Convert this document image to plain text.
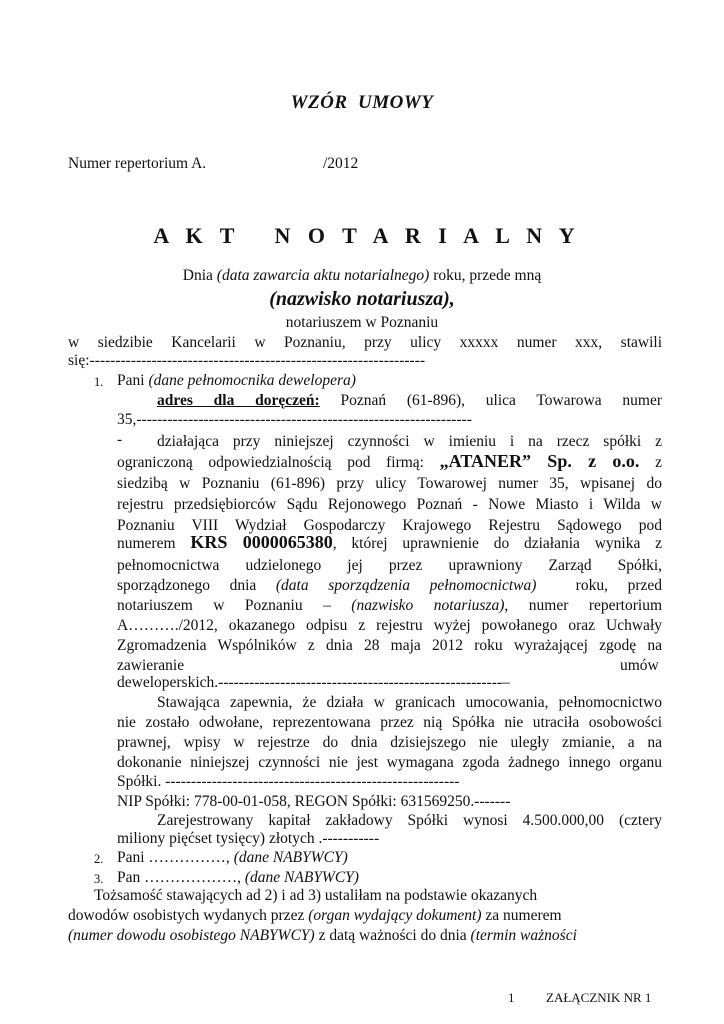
WZÓR  UMOWY
Numer repertorium A.	/2012
A K T   N O T A R I A L N Y
Dnia (data zawarcia aktu notarialnego) roku, przede mną
(nazwisko notariusza),
notariuszem w Poznaniu
w siedzibie Kancelarii w Poznaniu, przy ulicy xxxxx numer xxx, stawili
się:-----------------------------------------------------------------
1. Pani (dane pełnomocnika dewelopera)
adres dla doręczeń: Poznań (61-896), ulica Towarowa numer
35,-----------------------------------------------------------------
- działająca przy niniejszej czynności w imieniu i na rzecz spółki z
ograniczoną odpowiedzialnością pod firmą: „ATANER” Sp. z o.o. z
siedzibą w Poznaniu (61-896) przy ulicy Towarowej numer 35, wpisanej do
rejestru przedsiębiorców Sądu Rejonowego Poznań - Nowe Miasto i Wilda w
Poznaniu VIII Wydział Gospodarczy Krajowego Rejestru Sądowego pod
numerem KRS 0000065380, której uprawnienie do działania wynika z
pełnomocnictwa udzielonego jej przez uprawniony Zarząd Spółki,
sporządzonego dnia (data sporządzenia pełnomocnictwa)  roku, przed
notariuszem w Poznaniu – (nazwisko notariusza), numer repertorium
A………./2012, okazanego odpisu z rejestru wyżej powołanego oraz Uchwały
Zgromadzenia Wspólników z dnia 28 maja 2012 roku wyrażającej zgodę na
zawieranie	umów
deweloperskich.-------------------------------------------------------–
Stawająca zapewnia, że działa w granicach umocowania, pełnomocnictwo
nie zostało odwołane, reprezentowana przez nią Spółka nie utraciła osobowości
prawnej, wpisy w rejestrze do dnia dzisiejszego nie uległy zmianie, a na
dokonanie niniejszej czynności nie jest wymagana zgoda żadnego innego organu
Spółki. ---------------------------------------------------------
NIP Spółki: 778-00-01-058, REGON Spółki: 631569250.-------
Zarejestrowany kapitał zakładowy Spółki wynosi 4.500.000,00 (cztery
miliony pięćset tysięcy) złotych .-----------
2. Pani ……………, (dane NABYWCY)
3. Pan ………………, (dane NABYWCY)
Tożsamość stawających ad 2) i ad 3) ustaliłam na podstawie okazanych
dowodów osobistych wydanych przez (organ wydający dokument) za numerem
(numer dowodu osobistego NABYWCY) z datą ważności do dnia (termin ważności
1 ZAŁĄCZNIK NR 1
